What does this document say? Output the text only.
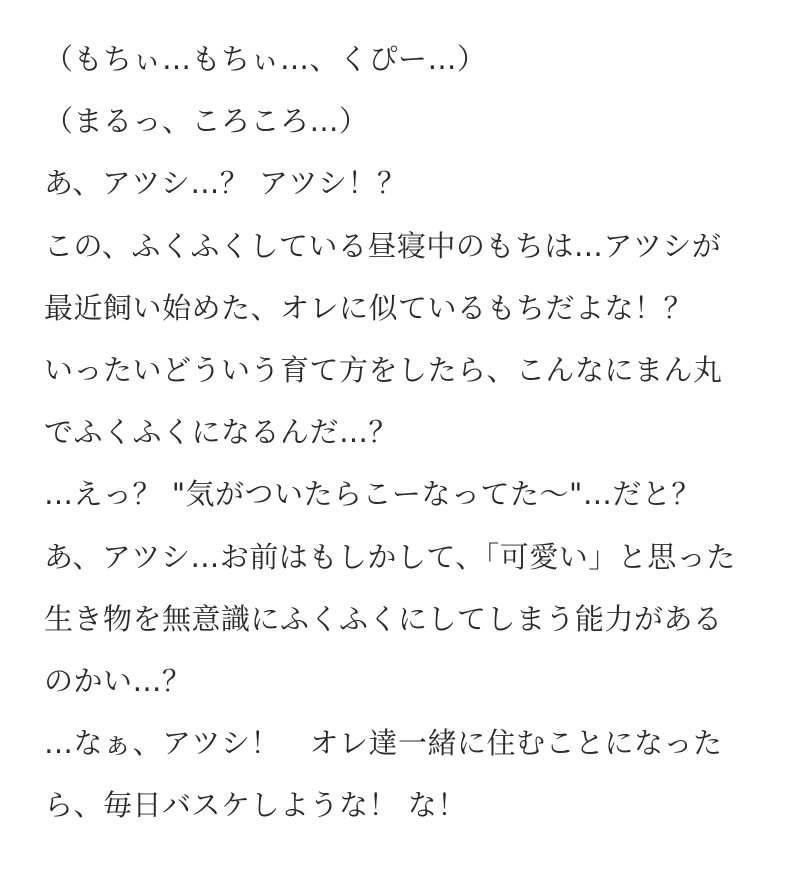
（もちぃ…もちぃ…、くぴー…）
（まるっ、ころころ…）
あ、アツシ…？ アツシ！？
この、ふくふくしている昼寝中のもちは…アツシが
最近飼い始めた、オレに似ているもちだよな！？
いったいどういう育て方をしたら、こんなにまん丸
でふくふくになるんだ…？
…えっ？ "気がついたらこーなってた〜"…だと？
あ、アツシ…お前はもしかして、「可愛い」と思った
生き物を無意識にふくふくにしてしまう能力がある
のかい…？
…なぁ、アツシ！　オレ達一緒に住むことになった
ら、毎日バスケしような！ な！
